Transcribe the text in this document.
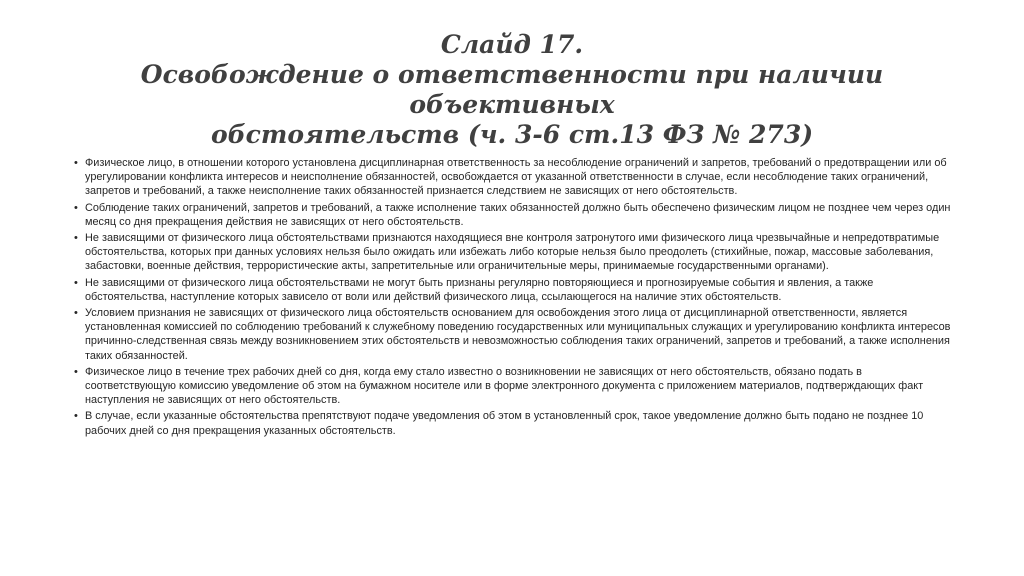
Слайд 17.
Освобождение о ответственности при наличии объективных
обстоятельств (ч. 3-6 ст.13 ФЗ № 273)
• Физическое лицо, в отношении которого установлена дисциплинарная ответственность за несоблюдение ограничений и запретов, требований о предотвращении или об урегулировании конфликта интересов и неисполнение обязанностей, освобождается от указанной ответственности в случае, если несоблюдение таких ограничений, запретов и требований, а также неисполнение таких обязанностей признается следствием не зависящих от него обстоятельств.
• Соблюдение таких ограничений, запретов и требований, а также исполнение таких обязанностей должно быть обеспечено физическим лицом не позднее чем через один месяц со дня прекращения действия не зависящих от него обстоятельств.
• Не зависящими от физического лица обстоятельствами признаются находящиеся вне контроля затронутого ими физического лица чрезвычайные и непредотвратимые обстоятельства, которых при данных условиях нельзя было ожидать или избежать либо которые нельзя было преодолеть (стихийные, пожар, массовые заболевания, забастовки, военные действия, террористические акты, запретительные или ограничительные меры, принимаемые государственными органами).
• Не зависящими от физического лица обстоятельствами не могут быть признаны регулярно повторяющиеся и прогнозируемые события и явления, а также обстоятельства, наступление которых зависело от воли или действий физического лица, ссылающегося на наличие этих обстоятельств.
• Условием признания не зависящих от физического лица обстоятельств основанием для освобождения этого лица от дисциплинарной ответственности, является установленная комиссией по соблюдению требований к служебному поведению государственных или муниципальных служащих и урегулированию конфликта интересов причинно-следственная связь между возникновением этих обстоятельств и невозможностью соблюдения таких ограничений, запретов и требований, а также исполнения таких обязанностей.
• Физическое лицо в течение трех рабочих дней со дня, когда ему стало известно о возникновении не зависящих от него обстоятельств, обязано подать в соответствующую комиссию уведомление об этом на бумажном носителе или в форме электронного документа с приложением материалов, подтверждающих факт наступления не зависящих от него обстоятельств.
• В случае, если указанные обстоятельства препятствуют подаче уведомления об этом в установленный срок, такое уведомление должно быть подано не позднее 10 рабочих дней со дня прекращения указанных обстоятельств.
